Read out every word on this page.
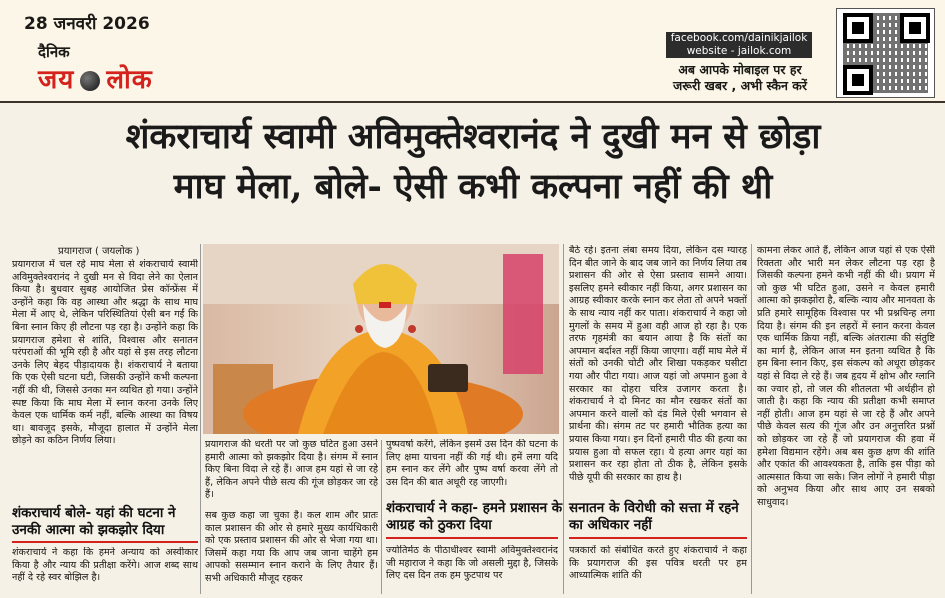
28 जनवरी 2026
दैनिक
जय लोक
facebook.com/dainikjailok
website - jailok.com
अब आपके मोबाइल पर हर
जरूरी खबर , अभी स्कैन करें
शंकराचार्य स्वामी अविमुक्तेश्वरानंद ने दुखी मन से छोड़ा
माघ मेला, बोले- ऐसी कभी कल्पना नहीं की थी
प्रयागराज ( जयलोक )
प्रयागराज में चल रहे माघ मेला से शंकराचार्य स्वामी अविमुक्तेश्वरानंद ने दुखी मन से विदा लेने का ऐलान किया है। बुधवार सुबह आयोजित प्रेस कॉन्फ्रेंस में उन्होंने कहा कि वह आस्था और श्रद्धा के साथ माघ मेला में आए थे, लेकिन परिस्थितियां ऐसी बन गईं कि बिना स्नान किए ही लौटना पड़ रहा है। उन्होंने कहा कि प्रयागराज हमेशा से शांति, विश्वास और सनातन परंपराओं की भूमि रही है और यहां से इस तरह लौटना उनके लिए बेहद पीड़ादायक है। शंकराचार्य ने बताया कि एक ऐसी घटना घटी, जिसकी उन्होंने कभी कल्पना नहीं की थी, जिससे उनका मन व्यथित हो गया। उन्होंने स्पष्ट किया कि माघ मेला में स्नान करना उनके लिए केवल एक धार्मिक कर्म नहीं, बल्कि आस्था का विषय था। बावजूद इसके, मौजूदा हालात में उन्होंने मेला छोड़ने का कठिन निर्णय लिया।
शंकराचार्य बोले- यहां की घटना ने उनकी आत्मा को झकझोर दिया
शंकराचार्य ने कहा कि हमने अन्याय को अस्वीकार किया है और न्याय की प्रतीक्षा करेंगे। आज शब्द साथ नहीं दे रहे स्वर बोझिल है।
प्रयागराज की धरती पर जो कुछ घटित हुआ उसने हमारी आत्मा को झकझोर दिया है। संगम में स्नान किए बिना विदा ले रहे हैं। आज हम यहां से जा रहे हैं, लेकिन अपने पीछे सत्य की गूंज छोड़कर जा रहे हैं।
सब कुछ कहा जा चुका है। कल शाम और प्रातः काल प्रशासन की ओर से हमारे मुख्य कार्यधिकारी को एक प्रस्ताव प्रशासन की ओर से भेजा गया था। जिसमें कहा गया कि आप जब जाना चाहेंगे हम आपको ससम्मान स्नान कराने के लिए तैयार हैं। सभी अधिकारी मौजूद रहकर
पुष्पवर्षा करेंगे, लेकिन इसमें उस दिन की घटना के लिए क्षमा याचना नहीं की गई थी। हमें लगा यदि हम स्नान कर लेंगे और पुष्प वर्षा करवा लेंगे तो उस दिन की बात अधूरी रह जाएगी।
शंकराचार्य ने कहा- हमने प्रशासन के आग्रह को ठुकरा दिया
ज्योतिर्मठ के पीठाधीश्वर स्वामी अविमुक्तेश्वरानंद जी महाराज ने कहा कि जो असली मुद्दा है, जिसके लिए दस दिन तक हम फुटपाथ पर
बैठे रहे। इतना लंबा समय दिया, लेकिन दस ग्यारह दिन बीत जाने के बाद जब जाने का निर्णय लिया तब प्रशासन की ओर से ऐसा प्रस्ताव सामने आया। इसलिए हमने स्वीकार नहीं किया, अगर प्रशासन का आग्रह स्वीकार करके स्नान कर लेता तो अपने भक्तों के साथ न्याय नहीं कर पाता। शंकराचार्य ने कहा जो मुगलों के समय में हुआ वही आज हो रहा है। एक तरफ गृहमंत्री का बयान आया है कि संतों का अपमान बर्दाश्त नहीं किया जाएगा। वहीं माघ मेले में संतों को उनकी चोटी और शिखा पकड़कर घसीटा गया और पीटा गया। आज यहां जो अपमान हुआ वे सरकार का दोहरा चरित्र उजागर करता है। शंकराचार्य ने दो मिनट का मौन रखकर संतों का अपमान करने वालों को दंड मिले ऐसी भगवान से प्रार्थना की। संगम तट पर हमारी भौतिक हत्या का प्रयास किया गया। इन दिनों हमारी पीठ की हत्या का प्रयास हुआ वो सफल रहा। ये हत्या अगर यहां का प्रशासन कर रहा होता तो ठीक है, लेकिन इसके पीछे यूपी की सरकार का हाथ है।
सनातन के विरोधी को सत्ता में रहने का अधिकार नहीं
पत्रकारों को संबोधित करते हुए शंकराचार्य ने कहा कि प्रयागराज की इस पवित्र धरती पर हम आध्यात्मिक शांति की
कामना लेकर आते हैं, लेकिन आज यहां से एक ऐसी रिक्तता और भारी मन लेकर लौटना पड़ रहा है जिसकी कल्पना हमने कभी नहीं की थी। प्रयाग में जो कुछ भी घटित हुआ, उसने न केवल हमारी आत्मा को झकझोरा है, बल्कि न्याय और मानवता के प्रति हमारे सामूहिक विश्वास पर भी प्रश्नचिन्ह लगा दिया है। संगम की इन लहरों में स्नान करना केवल एक धार्मिक क्रिया नहीं, बल्कि अंतरात्मा की संतुष्टि का मार्ग है, लेकिन आज मन इतना व्यथित है कि हम बिना स्नान किए, इस संकल्प को अधूरा छोड़कर यहां से विदा ले रहे हैं। जब हृदय में क्षोभ और ग्लानि का ज्वार हो, तो जल की शीतलता भी अर्थहीन हो जाती है। कहा कि न्याय की प्रतीक्षा कभी समाप्त नहीं होती। आज हम यहां से जा रहे हैं और अपने पीछे केवल सत्य की गूंज और उन अनुत्तरित प्रश्नों को छोड़कर जा रहे हैं जो प्रयागराज की हवा में हमेशा विद्यमान रहेंगे। अब बस कुछ क्षण की शांति और एकांत की आवश्यकता है, ताकि इस पीड़ा को आत्मसात किया जा सके। जिन लोगों ने हमारी पीड़ा को अनुभव किया और साथ आए उन सबको साधुवाद।
